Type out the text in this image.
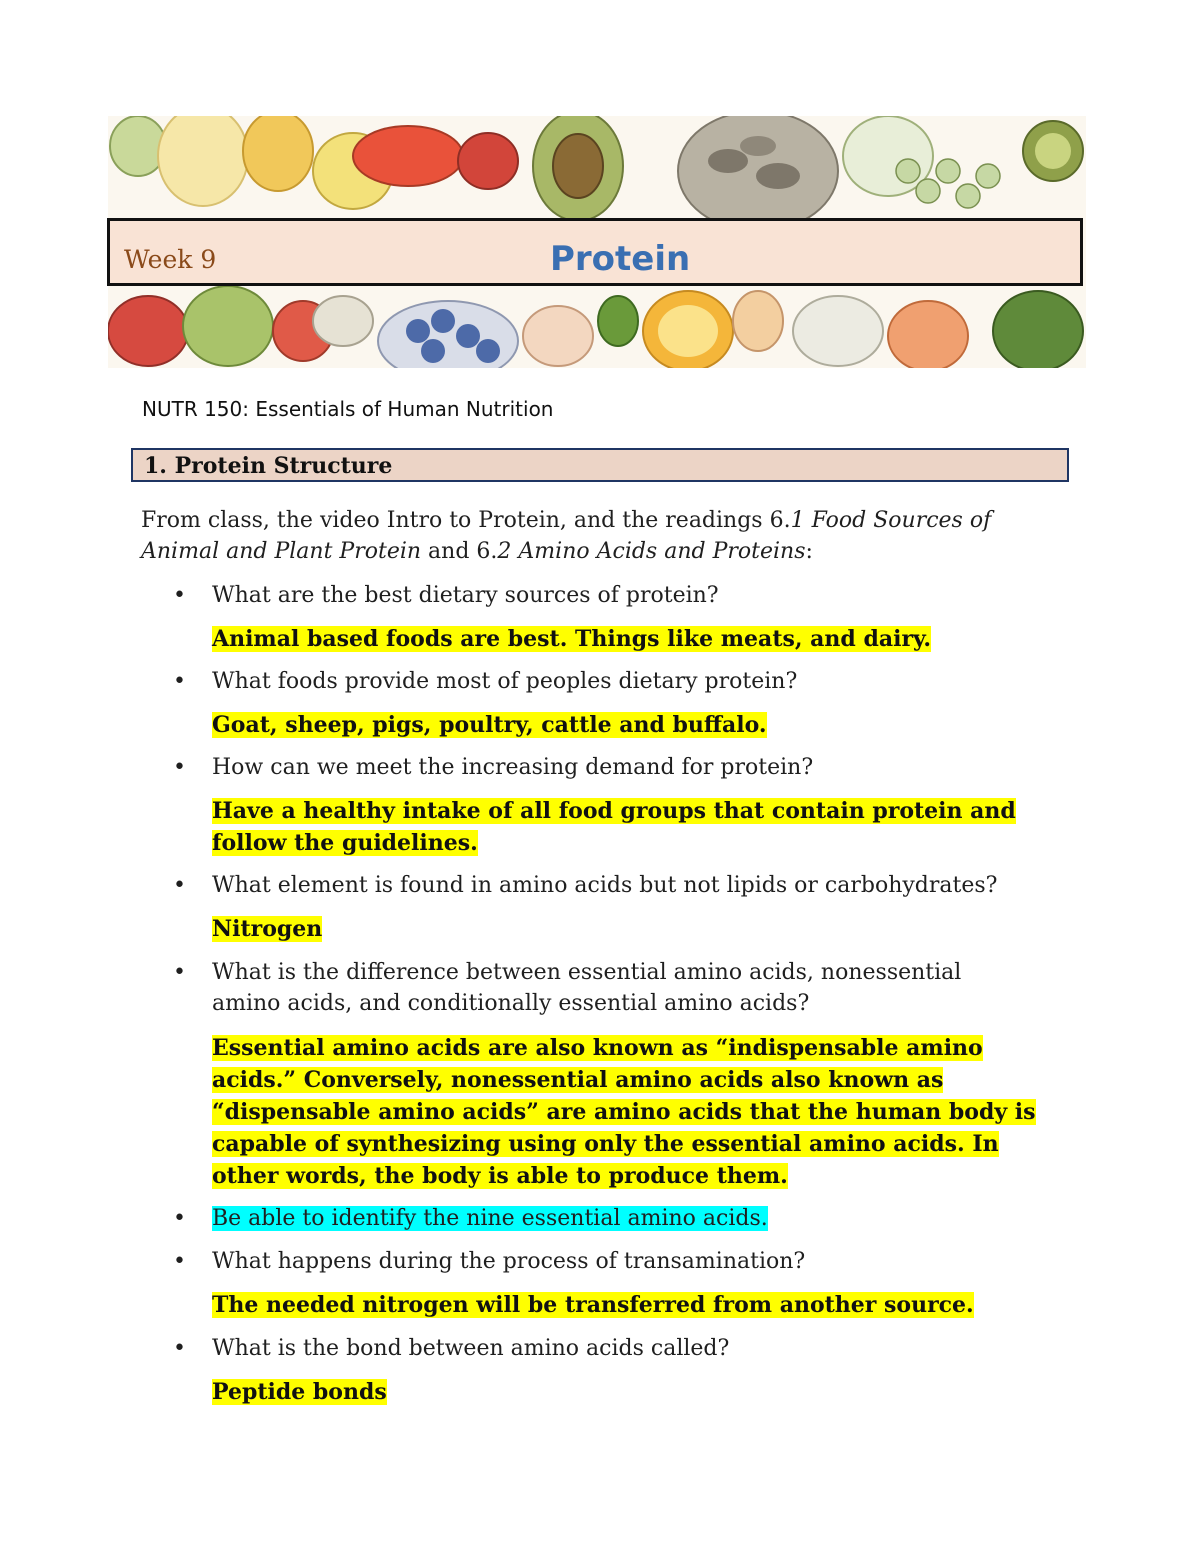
Week 9	Protein
NUTR 150: Essentials of Human Nutrition
1. Protein Structure
From class, the video Intro to Protein, and the readings 6.1 Food Sources of Animal and Plant Protein and 6.2 Amino Acids and Proteins:
• What are the best dietary sources of protein?
Animal based foods are best. Things like meats, and dairy.
• What foods provide most of peoples dietary protein?
Goat, sheep, pigs, poultry, cattle and buffalo.
• How can we meet the increasing demand for protein?
Have a healthy intake of all food groups that contain protein and follow the guidelines.
• What element is found in amino acids but not lipids or carbohydrates?
Nitrogen
• What is the difference between essential amino acids, nonessential amino acids, and conditionally essential amino acids?
Essential amino acids are also known as “indispensable amino acids.” Conversely, nonessential amino acids also known as “dispensable amino acids” are amino acids that the human body is capable of synthesizing using only the essential amino acids. In other words, the body is able to produce them.
• Be able to identify the nine essential amino acids.
• What happens during the process of transamination?
The needed nitrogen will be transferred from another source.
• What is the bond between amino acids called?
Peptide bonds
